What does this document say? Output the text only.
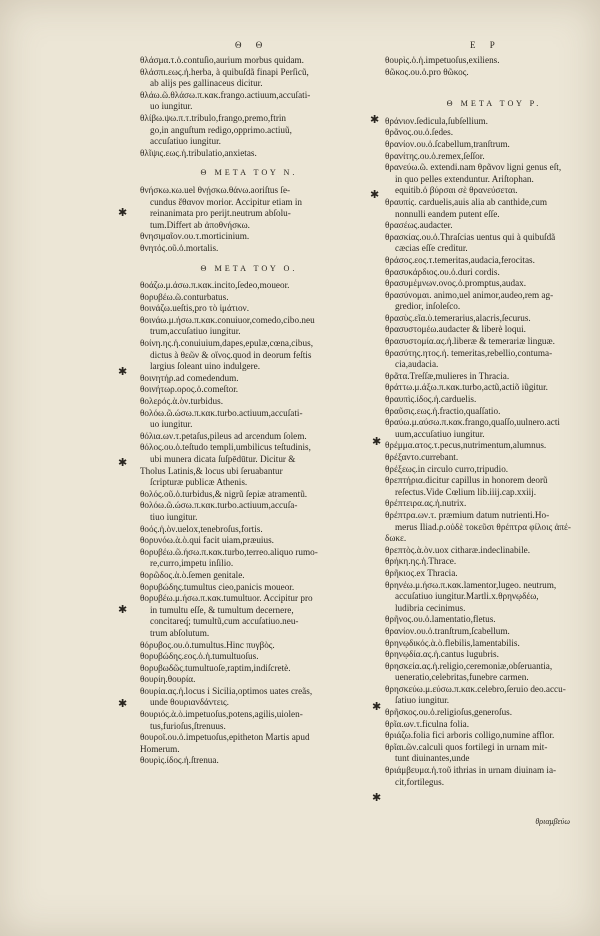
Θ Θ	Ε Ρ
θλάσμα.τ.ὁ.contuſio,aurium morbus quidam.
θλάσπι.εως.ἡ.herba, à quibuſdã finapi Perſicũ,
ab alijs pes gallinaceus dicitur.
θλάω.ῶ.θλάσω.π.κακ.frango.actiuum,accuſati-
uo iungitur.
θλίβω.ψω.π.τ.tribulo,frango,premo,ftrin
go,in anguſtum redigo,opprimo.actiuũ,
accuſatiuo iungitur.
θλῖψις.εως.ἡ.tribulatio,anxietas.
Θ ΜΕΤΑ ΤΟΥ Ν.
θνήσκω.κω.uel θνῄσκω.θάνω.aoriſtus ſe-
cundus ἔθανον morior. Accipitur etiam in
reinanimata pro perijt.neutrum abſolu-
tum.Differt ab ἀποθνήσκω.
θνησιμαῖον.ου.τ.morticinium.
θνητός.οῦ.ὁ.mortalis.
Θ ΜΕΤΑ ΤΟΥ Ο.
θοάζω.μ.άσω.π.κακ.incito,ſedeo,moueor.
θορυβέω.ῶ.conturbatus.
θοινάζω.ueſtis,pro τὸ ἱμάτιον.
θοινάω.μ.ήσω.π.κακ.conuiuor,comedo,cibo.neu
trum,accuſatiuo iungitur.
θοίνη.ης.ἡ.conuiuium,dapes,epulæ,cœna,cibus,
dictus à θεῶν & οἴνος.quod in deorum feſtis
largius ſoleant uino indulgere.
θοινητήρ.ad comedendum.
θοινήτωρ.ορος.ὁ.comeſtor.
θολερός.ὰ.ὸν.turbidus.
θολόω.ῶ.ώσω.π.κακ.turbo.actiuum,accuſati-
uo iungitur.
θόλια.ων.τ.petaſus,pileus ad arcendum ſolem.
θόλος.ου.ὁ.teſtudo templi,umbilicus teſtudinis,
ubi munera dicata ſuſpēdūtur. Dicitur &
Tholus Latinis,& locus ubi ſeruabantur
ſcripturæ publicæ Athenis.
θολός.οῦ.ὁ.turbidus,& nigrũ ſepiæ atramentũ.
θολόω.ῶ.ώσω.π.κακ.turbo.actiuum,accuſa-
tiuo iungitur.
θοός.ἡ.ὸν.uelox,tenebroſus,fortis.
θορυνόω.ὰ.ὸ.qui facit uiam,præuius.
θορυβέω.ῶ.ήσω.π.κακ.turbo,terreo.aliquo rumo-
re,curro,impetu inſilio.
θορῶδος.ὰ.ὸ.ſemen genitale.
θορυβώδης.tumultus cieo,panicis moueor.
θορυβέω.μ.ήσω.π.κακ.tumultuor. Accipitur pro
in tumultu eſſe, & tumultum decernere,
concitareq́; tumultũ,cum accuſatiuo.neu-
trum abſolutum.
θόρυβος.ου.ὁ.tumultus.Hinc πυγβὸς.
θορυβώδης.εος.ὁ.ἡ.tumultuoſus.
θορυβωδῶς.tumultuoſe,raptim,indiſcretè.
θουρίη.θουρία.
θουρία.ας.ἡ.locus i Sicilia,optimos uates creãs,
unde θουριανδάντεις.
θουριός.ὰ.ὸ.impetuoſus,potens,agilis,uiolen-
tus,furioſus,ſtrenuus.
θουροῖ.ου.ὁ.impetuoſus,epitheton Martis apud
Homerum.
θουρὶς.ίδος.ἡ.ſtrenua.
θουρὶς.ὁ.ἡ.impetuoſus,exiliens.
θῶκος.ου.ὁ.pro θῶκος.
Θ ΜΕΤΑ ΤΟΥ Ρ.
θράνιον.ſedicula,ſubſellium.
θρᾶνος.ου.ὁ.ſedes.
θρανίον.ου.ὁ.ſcabellum,tranſtrum.
θρανίτης.ου.ὁ.remex,ſeſſor.
θρανεύω.ῶ. extendi.nam θρᾶνον ligni genus eſt,
in quo pelles extenduntur. Ariſtophan.
equitib.ὁ βύρσαι σὲ θρανεύσεται.
θραυπίς. carduelis,auis alia ab canthide,cum
nonnulli eandem putent eſſe.
θρασέως.audacter.
θρασκίας.ου.ὁ.Thraſcias uentus qui à quibuſdã
cæcias eſſe creditur.
θράσος.εος.τ.temeritas,audacia,ferocitas.
θρασυκάρδιος.ου.ὁ.duri cordis.
θρασυμέμνων.ονος.ὁ.promptus,audax.
θρασύνομαι. animo,uel animor,audeo,rem ag-
gredior, inſoleſco.
θρασὺς.εῖα.ὺ.temerarius,alacris,ſecurus.
θρασυστομέω.audacter & liberè loqui.
θρασυστομία.ας.ἡ.liberæ & temerariæ linguæ.
θρασύτης.ητος.ἡ. temeritas,rebellio,contuma-
cia,audacia.
θρᾶτα.Treſſæ,mulieres in Thracia.
θράττω.μ.άξω.π.κακ.turbo,actũ,actiõ iũgitur.
θραυπὶς.ίδος.ἡ.carduelis.
θραῦσις.εως.ἡ.fractio,quaſſatio.
θραύω.μ.αύσω.π.κακ.frango,quaſſo,uulnero.acti
uum,accuſatiuo iungitur.
θρέμμα.ατος.τ.pecus,nutrimentum,alumnus.
θρέξαντο.currebant.
θρέξεως.in circulo curro,tripudio.
θρεπτήρια.dicitur capillus in honorem deorũ
reſectus.Vide Cœlium lib.iiij.cap.xxiij.
θρέπτειρα.ας.ἡ.nutrix.
θρέπτρα.ων.τ. præmium datum nutrienti.Ho-
merus Iliad.ρ.οὐδὲ τοκεῦσι θρέπτρα φίλοις ἀπέ-
δωκε.
θρεπτὸς.ὰ.ὸν.uox citharæ.indeclinabile.
θρήκη.ης.ἡ.Thrace.
θρῆκιος.ex Thracia.
θρηνέω.μ.ήσω.π.κακ.lamentor,lugeo. neutrum,
accuſatiuo iungitur.Martli.x.θρηνῳδέω,
ludibria cecinimus.
θρῆνος.ου.ὁ.lamentatio,fletus.
θρανίον.ου.ὁ.tranſtrum,ſcabellum.
θρηνῳδικός.ὰ.ὸ.flebilis,lamentabilis.
θρηνῳδία.ας.ἡ.cantus lugubris.
θρησκεία.ας.ἡ.religio,ceremoniæ,obſeruantia,
ueneratio,celebritas,funebre carmen.
θρησκεύω.μ.εύσω.π.κακ.celebro,ſeruio deo.accu-
ſatiuo iungitur.
θρῆσκος.ου.ὁ.religioſus,generoſus.
θρῖα.ων.τ.ficulna folia.
θριάζω.folia fici arboris colligo,numine afflor.
θρῖαι.ῶν.calculi quos fortilegi in urnam mit-
tunt diuinantes,unde
θριάμβευμα.ἡ.τοῦ ithrias in urnam diuinam ia-
cit,fortilegus.
✱
✱
✱
✱
✱
✱
✱
✱
✱
✱
θριαμβεύω
